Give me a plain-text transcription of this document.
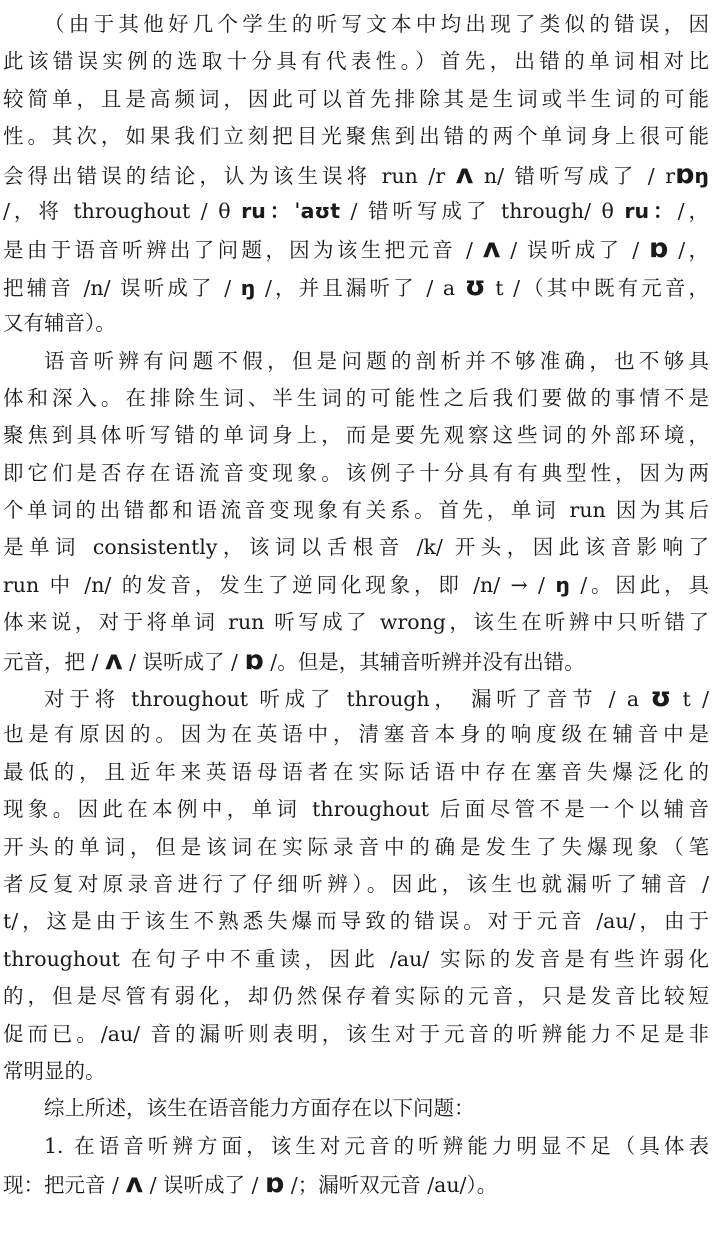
（由于其他好几个学生的听写文本中均出现了类似的错误，因
此该错误实例的选取十分具有代表性。）首先，出错的单词相对比
较简单，且是高频词，因此可以首先排除其是生词或半生词的可能
性。其次，如果我们立刻把目光聚焦到出错的两个单词身上很可能
会得出错误的结论，认为该生误将 run /r ʌ n/ 错听写成了 / rɒŋ
/，将 throughout / θ ru：ˈaʊt / 错听写成了 through/ θ ru：/，
是由于语音听辨出了问题，因为该生把元音 / ʌ / 误听成了 / ɒ /，
把辅音 /n/ 误听成了 / ŋ /，并且漏听了 / a ʊ t /（其中既有元音，
又有辅音）。
语音听辨有问题不假，但是问题的剖析并不够准确，也不够具
体和深入。在排除生词、半生词的可能性之后我们要做的事情不是
聚焦到具体听写错的单词身上，而是要先观察这些词的外部环境，
即它们是否存在语流音变现象。该例子十分具有有典型性，因为两
个单词的出错都和语流音变现象有关系。首先，单词 run 因为其后
是单词 consistently，该词以舌根音 /k/ 开头，因此该音影响了
run 中 /n/ 的发音，发生了逆同化现象，即 /n/ → / ŋ /。因此，具
体来说，对于将单词 run 听写成了 wrong，该生在听辨中只听错了
元音，把 / ʌ / 误听成了 / ɒ /。但是，其辅音听辨并没有出错。
对于将 throughout 听成了 through， 漏听了音节 / a ʊ t /
也是有原因的。因为在英语中，清塞音本身的响度级在辅音中是
最低的，且近年来英语母语者在实际话语中存在塞音失爆泛化的
现象。因此在本例中，单词 throughout 后面尽管不是一个以辅音
开头的单词，但是该词在实际录音中的确是发生了失爆现象（笔
者反复对原录音进行了仔细听辨）。因此，该生也就漏听了辅音 /
t/，这是由于该生不熟悉失爆而导致的错误。对于元音 /au/，由于
throughout 在句子中不重读，因此 /au/ 实际的发音是有些许弱化
的，但是尽管有弱化，却仍然保存着实际的元音，只是发音比较短
促而已。/au/ 音的漏听则表明，该生对于元音的听辨能力不足是非
常明显的。
综上所述，该生在语音能力方面存在以下问题：
1. 在语音听辨方面，该生对元音的听辨能力明显不足（具体表
现：把元音 / ʌ / 误听成了 / ɒ /；漏听双元音 /au/）。
